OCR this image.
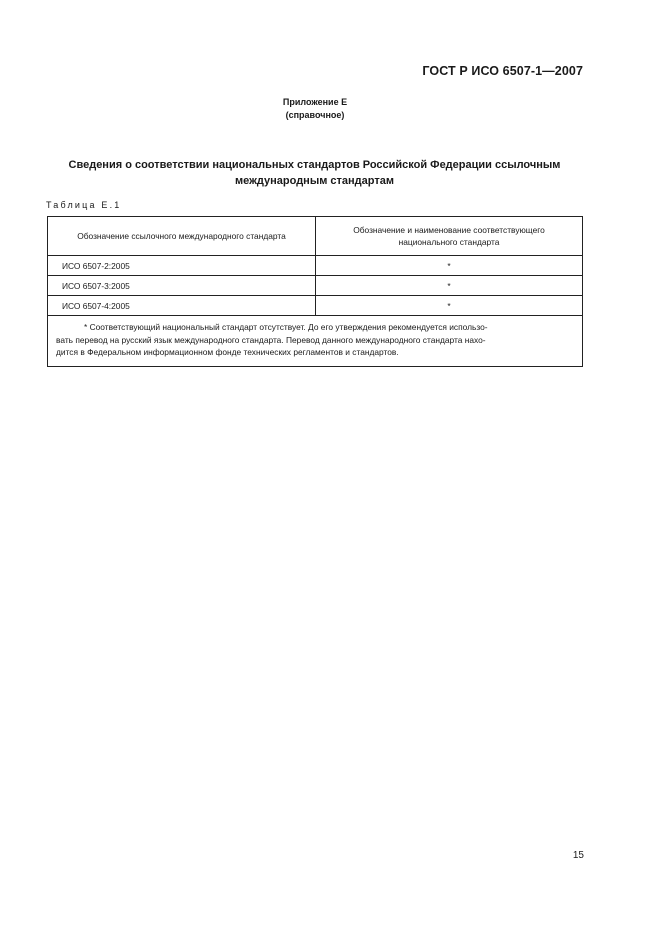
ГОСТ Р ИСО 6507-1—2007
Приложение Е
(справочное)
Сведения о соответствии национальных стандартов Российской Федерации ссылочным
международным стандартам
Таблица Е.1
Обозначение ссылочного международного стандарта	Обозначение и наименование соответствующего
национального стандарта

ИСО 6507-2:2005	*
ИСО 6507-3:2005	*
ИСО 6507-4:2005	*

* Соответствующий национальный стандарт отсутствует. До его утверждения рекомендуется использо-
вать перевод на русский язык международного стандарта. Перевод данного международного стандарта нахо-
дится в Федеральном информационном фонде технических регламентов и стандартов.	
15
